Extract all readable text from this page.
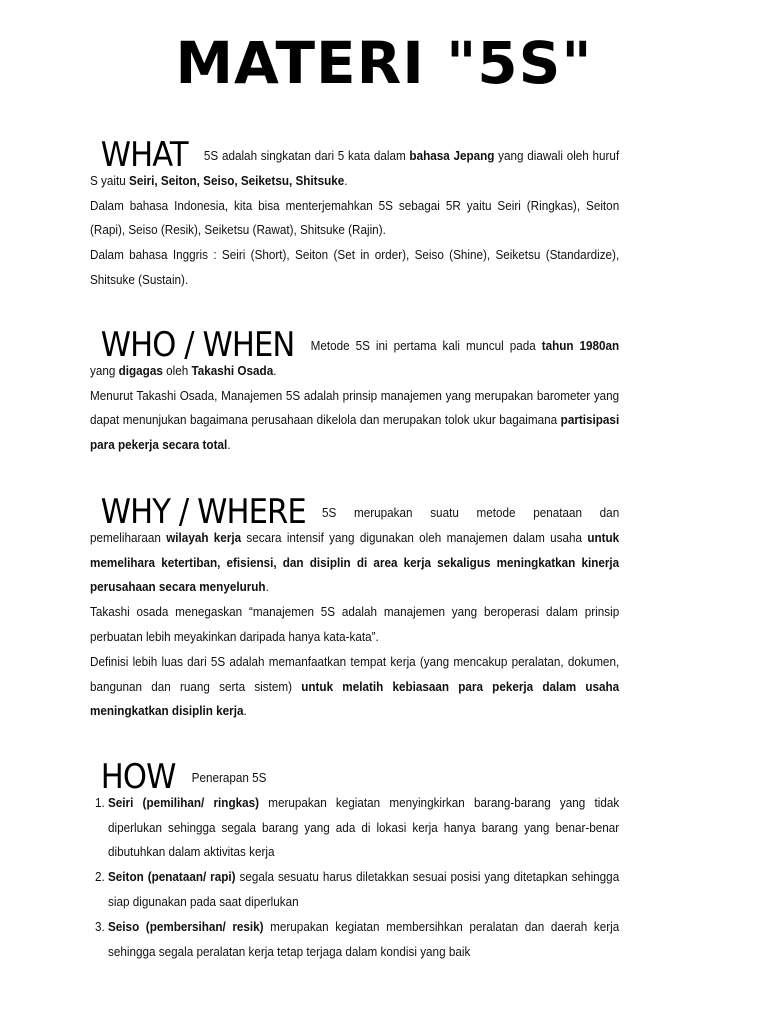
MATERI "5S"

WHAT 5S adalah singkatan dari 5 kata dalam bahasa Jepang yang diawali oleh huruf S yaitu Seiri, Seiton, Seiso, Seiketsu, Shitsuke.

Dalam bahasa Indonesia, kita bisa menterjemahkan 5S sebagai 5R yaitu Seiri (Ringkas), Seiton (Rapi), Seiso (Resik), Seiketsu (Rawat), Shitsuke (Rajin).

Dalam bahasa Inggris : Seiri (Short), Seiton (Set in order), Seiso (Shine), Seiketsu (Standardize), Shitsuke (Sustain).

WHO / WHEN Metode 5S ini pertama kali muncul pada tahun 1980an yang digagas oleh Takashi Osada.

Menurut Takashi Osada, Manajemen 5S adalah prinsip manajemen yang merupakan barometer yang dapat menunjukan bagaimana perusahaan dikelola dan merupakan tolok ukur bagaimana partisipasi para pekerja secara total.

WHY / WHERE 5S merupakan suatu metode penataan dan pemeliharaan wilayah kerja secara intensif yang digunakan oleh manajemen dalam usaha untuk memelihara ketertiban, efisiensi, dan disiplin di area kerja sekaligus meningkatkan kinerja perusahaan secara menyeluruh.

Takashi osada menegaskan “manajemen 5S adalah manajemen yang beroperasi dalam prinsip perbuatan lebih meyakinkan daripada hanya kata-kata”.

Definisi lebih luas dari 5S adalah memanfaatkan tempat kerja (yang mencakup peralatan, dokumen, bangunan dan ruang serta sistem) untuk melatih kebiasaan para pekerja dalam usaha meningkatkan disiplin kerja.

HOW Penerapan 5S

1. Seiri (pemilihan/ ringkas) merupakan kegiatan menyingkirkan barang-barang yang tidak diperlukan sehingga segala barang yang ada di lokasi kerja hanya barang yang benar-benar dibutuhkan dalam aktivitas kerja
2. Seiton (penataan/ rapi) segala sesuatu harus diletakkan sesuai posisi yang ditetapkan sehingga siap digunakan pada saat diperlukan
3. Seiso (pembersihan/ resik) merupakan kegiatan membersihkan peralatan dan daerah kerja sehingga segala peralatan kerja tetap terjaga dalam kondisi yang baik
